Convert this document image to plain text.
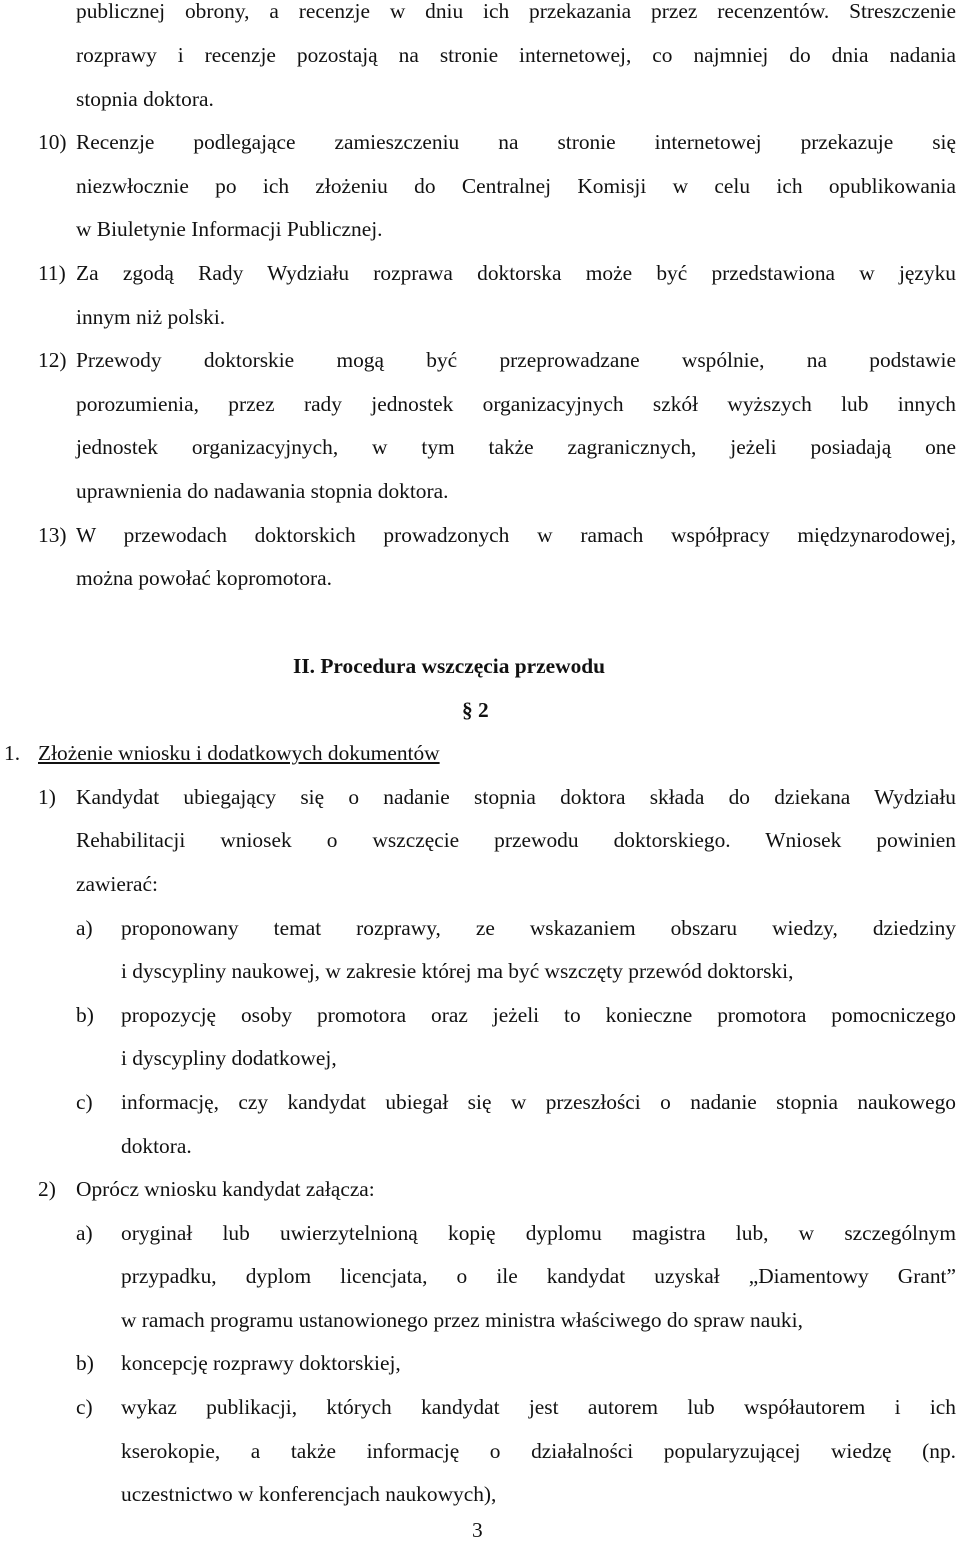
publicznej obrony, a recenzje w dniu ich przekazania przez recenzentów. Streszczenie
rozprawy i recenzje pozostają na stronie internetowej, co najmniej do dnia nadania
stopnia doktora.
10) Recenzje podlegające zamieszczeniu na stronie internetowej przekazuje się
niezwłocznie po ich złożeniu do Centralnej Komisji w celu ich opublikowania
w Biuletynie Informacji Publicznej.
11) Za zgodą Rady Wydziału rozprawa doktorska może być przedstawiona w języku
innym niż polski.
12) Przewody doktorskie mogą być przeprowadzane wspólnie, na podstawie
porozumienia, przez rady jednostek organizacyjnych szkół wyższych lub innych
jednostek organizacyjnych, w tym także zagranicznych, jeżeli posiadają one
uprawnienia do nadawania stopnia doktora.
13) W przewodach doktorskich prowadzonych w ramach współpracy międzynarodowej,
można powołać kopromotora.
II. Procedura wszczęcia przewodu
§ 2
1. Złożenie wniosku i dodatkowych dokumentów
1) Kandydat ubiegający się o nadanie stopnia doktora składa do dziekana Wydziału
Rehabilitacji wniosek o wszczęcie przewodu doktorskiego. Wniosek powinien
zawierać:
a) proponowany temat rozprawy, ze wskazaniem obszaru wiedzy, dziedziny
i dyscypliny naukowej, w zakresie której ma być wszczęty przewód doktorski,
b) propozycję osoby promotora oraz jeżeli to konieczne promotora pomocniczego
i dyscypliny dodatkowej,
c) informację, czy kandydat ubiegał się w przeszłości o nadanie stopnia naukowego
doktora.
2) Oprócz wniosku kandydat załącza:
a) oryginał lub uwierzytelnioną kopię dyplomu magistra lub, w szczególnym
przypadku, dyplom licencjata, o ile kandydat uzyskał „Diamentowy Grant”
w ramach programu ustanowionego przez ministra właściwego do spraw nauki,
b) koncepcję rozprawy doktorskiej,
c) wykaz publikacji, których kandydat jest autorem lub współautorem i ich
kserokopie, a także informację o działalności popularyzującej wiedzę (np.
uczestnictwo w konferencjach naukowych),
3
